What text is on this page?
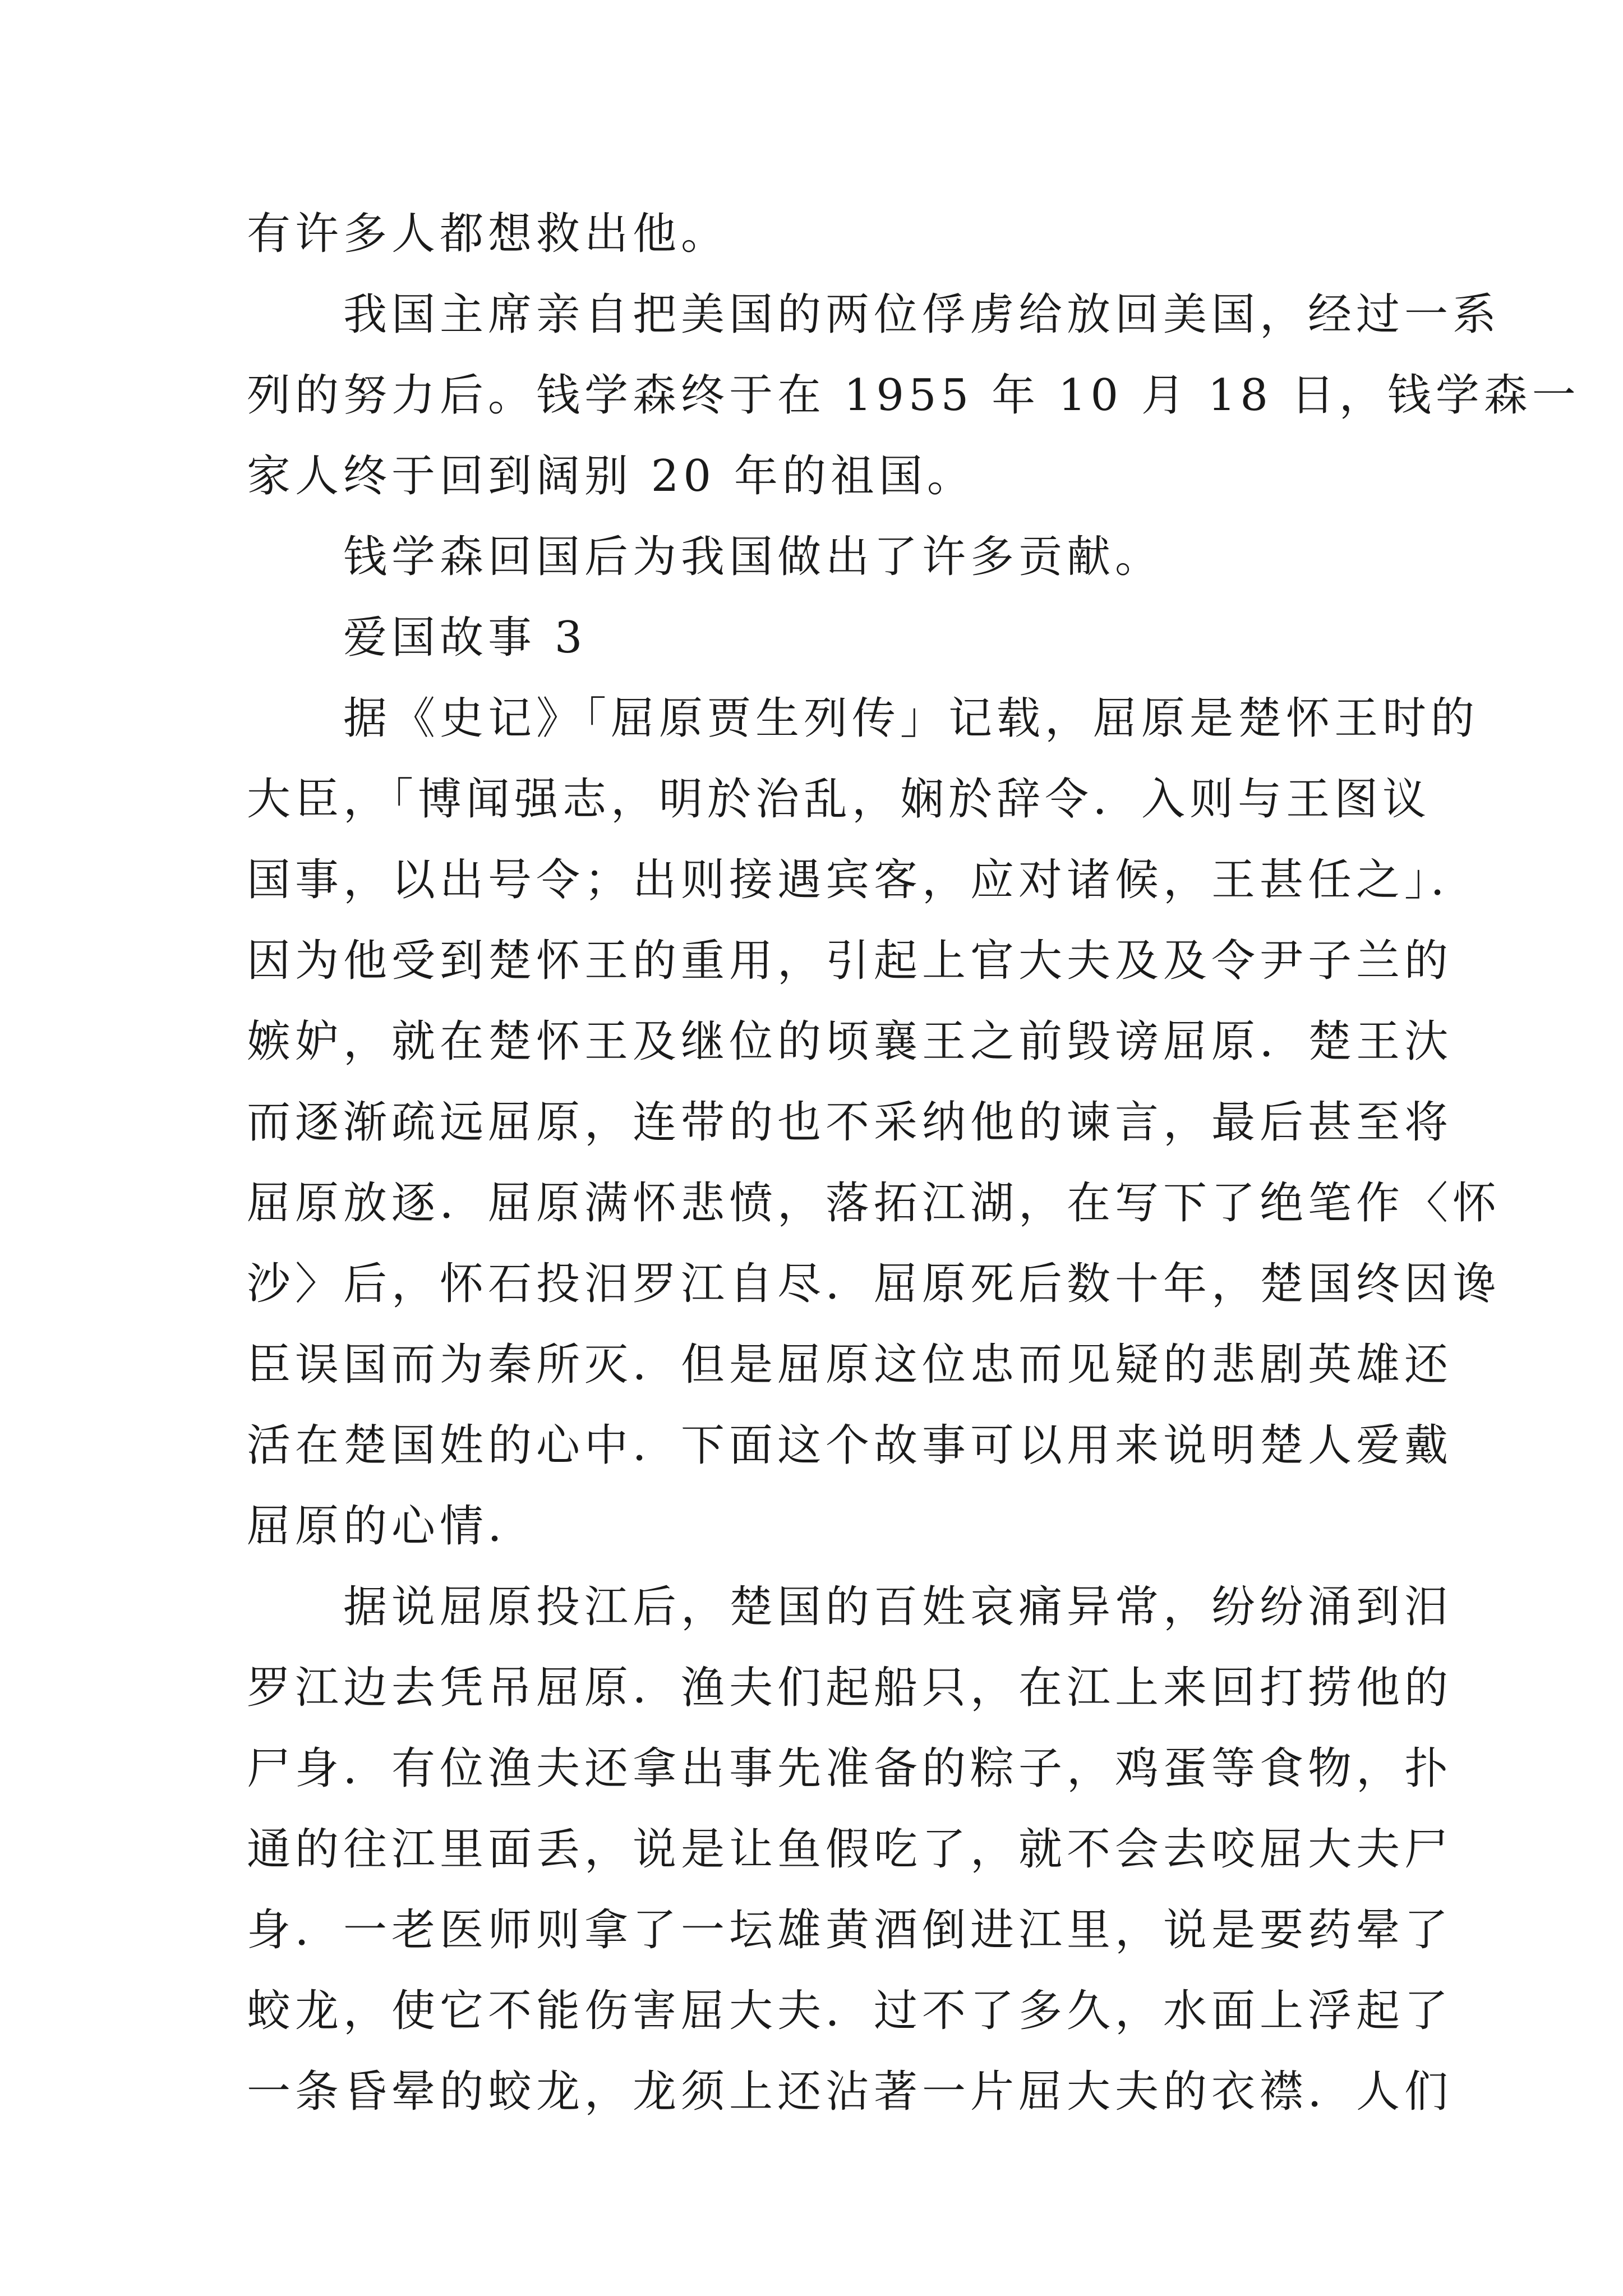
有许多人都想救出他。
　　我国主席亲自把美国的两位俘虏给放回美国，经过一系
列的努力后。钱学森终于在 1955 年 10 月 18 日，钱学森一
家人终于回到阔别 20 年的祖国。
　　钱学森回国后为我国做出了许多贡献。
　　爱国故事 3
　　据《史记》「屈原贾生列传」记载，屈原是楚怀王时的
大臣，「博闻强志，明於治乱，娴於辞令．入则与王图议
国事，以出号令；出则接遇宾客，应对诸候，王甚任之」．
因为他受到楚怀王的重用，引起上官大夫及及令尹子兰的
嫉妒，就在楚怀王及继位的顷襄王之前毁谤屈原．楚王汏
而逐渐疏远屈原，连带的也不采纳他的谏言，最后甚至将
屈原放逐．屈原满怀悲愤，落拓江湖，在写下了绝笔作〈怀
沙〉后，怀石投汨罗江自尽．屈原死后数十年，楚国终因谗
臣误国而为秦所灭．但是屈原这位忠而见疑的悲剧英雄还
活在楚国姓的心中．下面这个故事可以用来说明楚人爱戴
屈原的心情．
　　据说屈原投江后，楚国的百姓哀痛异常，纷纷涌到汨
罗江边去凭吊屈原．渔夫们起船只，在江上来回打捞他的
尸身．有位渔夫还拿出事先准备的粽子，鸡蛋等食物，扑
通的往江里面丢，说是让鱼假吃了，就不会去咬屈大夫尸
身．一老医师则拿了一坛雄黄酒倒进江里，说是要药晕了
蛟龙，使它不能伤害屈大夫．过不了多久，水面上浮起了
一条昏晕的蛟龙，龙须上还沾著一片屈大夫的衣襟．人们
